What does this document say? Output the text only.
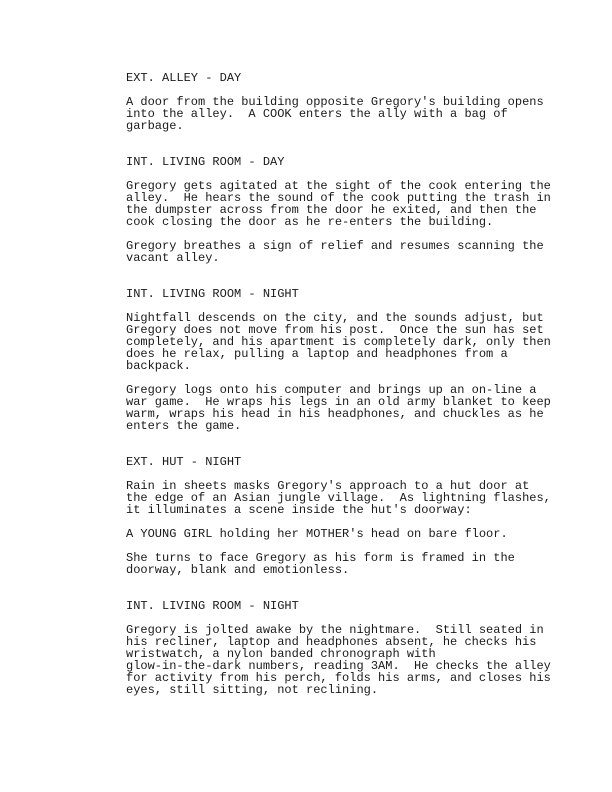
EXT. ALLEY - DAY

A door from the building opposite Gregory's building opens
into the alley.  A COOK enters the ally with a bag of
garbage.

INT. LIVING ROOM - DAY

Gregory gets agitated at the sight of the cook entering the
alley.  He hears the sound of the cook putting the trash in
the dumpster across from the door he exited, and then the
cook closing the door as he re-enters the building.

Gregory breathes a sign of relief and resumes scanning the
vacant alley.

INT. LIVING ROOM - NIGHT

Nightfall descends on the city, and the sounds adjust, but
Gregory does not move from his post.  Once the sun has set
completely, and his apartment is completely dark, only then
does he relax, pulling a laptop and headphones from a
backpack.

Gregory logs onto his computer and brings up an on-line a
war game.  He wraps his legs in an old army blanket to keep
warm, wraps his head in his headphones, and chuckles as he
enters the game.

EXT. HUT - NIGHT

Rain in sheets masks Gregory's approach to a hut door at
the edge of an Asian jungle village.  As lightning flashes,
it illuminates a scene inside the hut's doorway:

A YOUNG GIRL holding her MOTHER's head on bare floor.

She turns to face Gregory as his form is framed in the
doorway, blank and emotionless.

INT. LIVING ROOM - NIGHT

Gregory is jolted awake by the nightmare.  Still seated in
his recliner, laptop and headphones absent, he checks his
wristwatch, a nylon banded chronograph with
glow-in-the-dark numbers, reading 3AM.  He checks the alley
for activity from his perch, folds his arms, and closes his
eyes, still sitting, not reclining.
